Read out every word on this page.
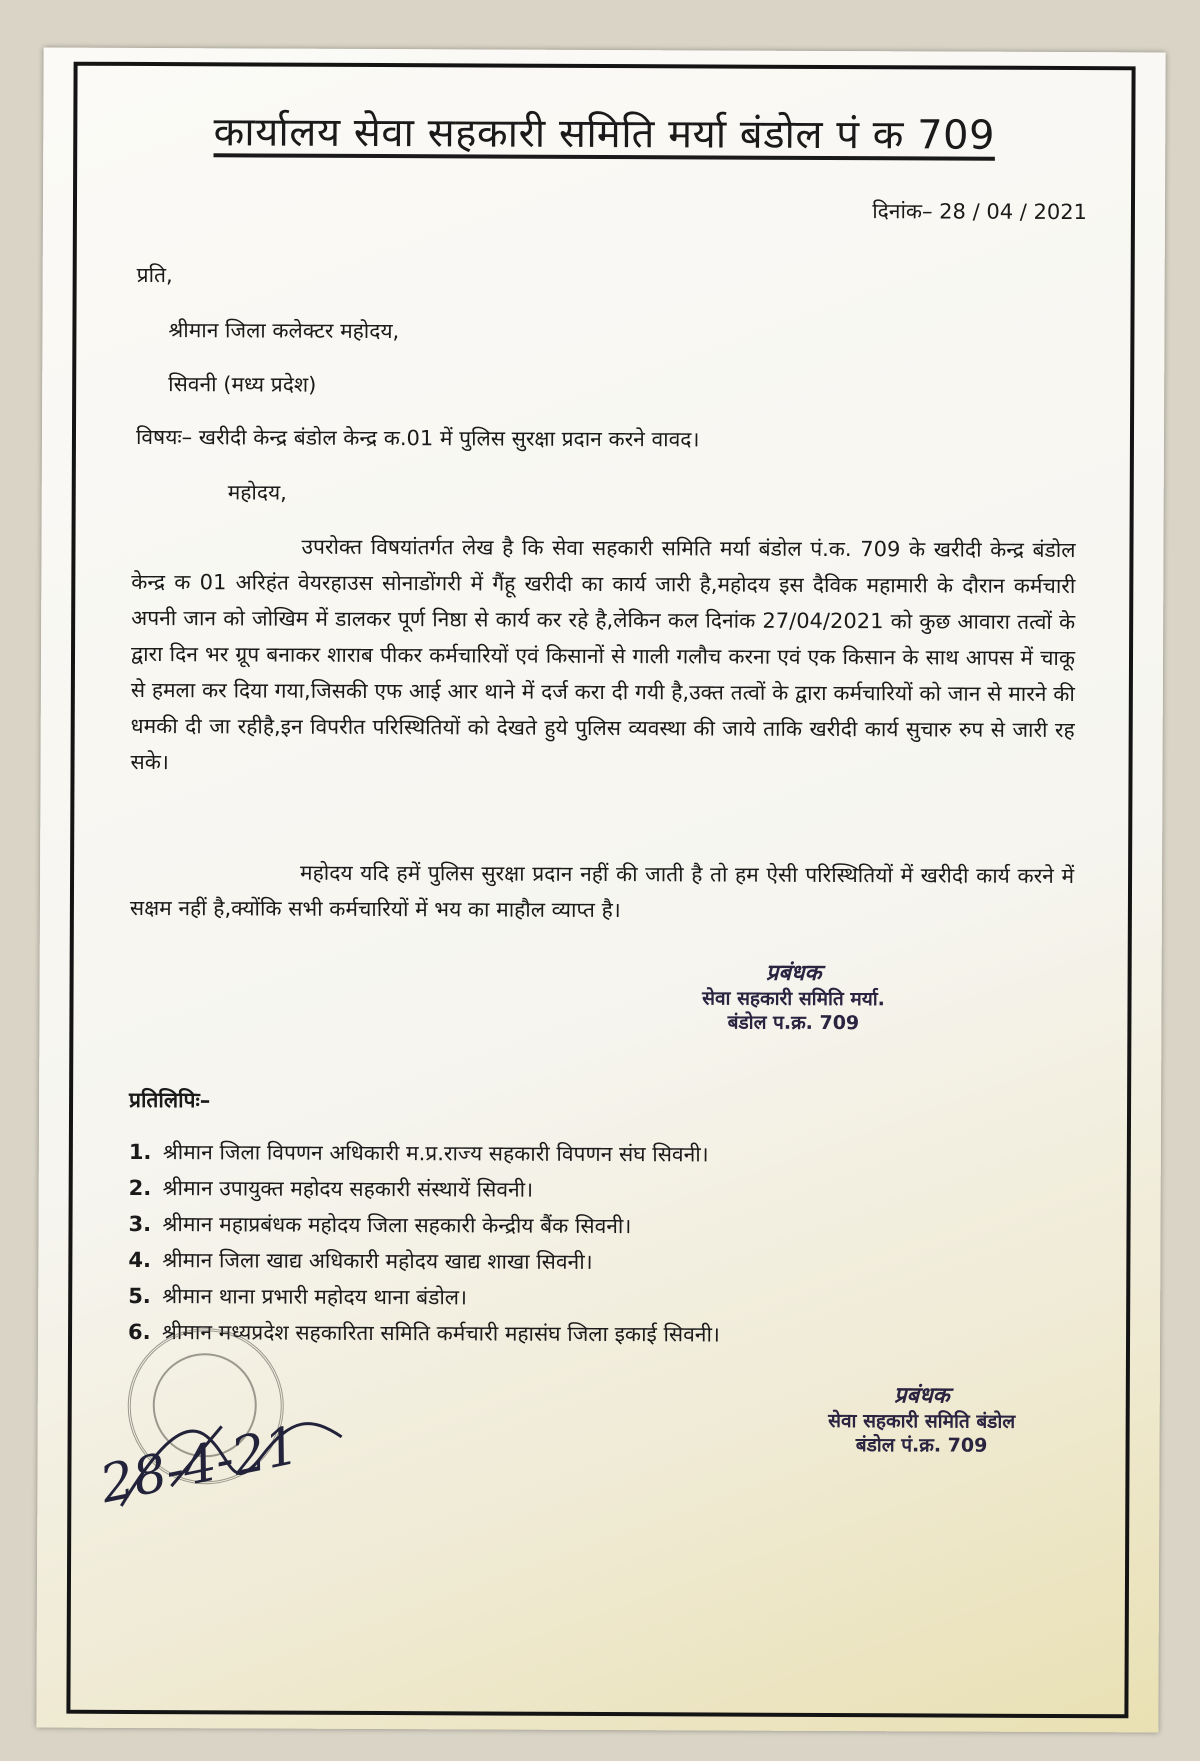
कार्यालय सेवा सहकारी समिति मर्या बंडोल पं क 709
दिनांक– 28 / 04 / 2021
प्रति,
श्रीमान जिला कलेक्टर महोदय,
सिवनी (मध्य प्रदेश)
विषयः– खरीदी केन्द्र बंडोल केन्द्र क.01 में पुलिस सुरक्षा प्रदान करने वावद।
महोदय,

उपरोक्त विषयांतर्गत लेख है कि सेवा सहकारी समिति मर्या बंडोल पं.क. 709 के खरीदी केन्द्र बंडोल केन्द्र क 01 अरिहंत वेयरहाउस सोनाडोंगरी में गैंहू खरीदी का कार्य जारी है,महोदय इस दैविक महामारी के दौरान कर्मचारी अपनी जान को जोखिम में डालकर पूर्ण निष्ठा से कार्य कर रहे है,लेकिन कल दिनांक 27/04/2021 को कुछ आवारा तत्वों के द्वारा दिन भर ग्रूप बनाकर शाराब पीकर कर्मचारियों एवं किसानों से गाली गलौच करना एवं एक किसान के साथ आपस में चाकू से हमला कर दिया गया,जिसकी एफ आई आर थाने में दर्ज करा दी गयी है,उक्त तत्वों के द्वारा कर्मचारियों को जान से मारने की धमकी दी जा रहीहै,इन विपरीत परिस्थितियों को देखते हुये पुलिस व्यवस्था की जाये ताकि खरीदी कार्य सुचारु रुप से जारी रह सके।

महोदय यदि हमें पुलिस सुरक्षा प्रदान नहीं की जाती है तो हम ऐसी परिस्थितियों में खरीदी कार्य करने में सक्षम नहीं है,क्योंकि सभी कर्मचारियों में भय का माहौल व्याप्त है।

प्रबंधक
सेवा सहकारी समिति मर्या.
बंडोल प.क्र. 709
प्रतिलिपिः–
1. श्रीमान जिला विपणन अधिकारी म.प्र.राज्य सहकारी विपणन संघ सिवनी।
2. श्रीमान उपायुक्त महोदय सहकारी संस्थायें सिवनी।
3. श्रीमान महाप्रबंधक महोदय जिला सहकारी केन्द्रीय बैंक सिवनी।
4. श्रीमान जिला खाद्य अधिकारी महोदय खाद्य शाखा सिवनी।
5. श्रीमान थाना प्रभारी महोदय थाना बंडोल।
6. श्रीमान मध्यप्रदेश सहकारिता समिति कर्मचारी महासंघ जिला इकाई सिवनी।
28-4-21
प्रबंधक
सेवा सहकारी समिति बंडोल
बंडोल पं.क्र. 709
